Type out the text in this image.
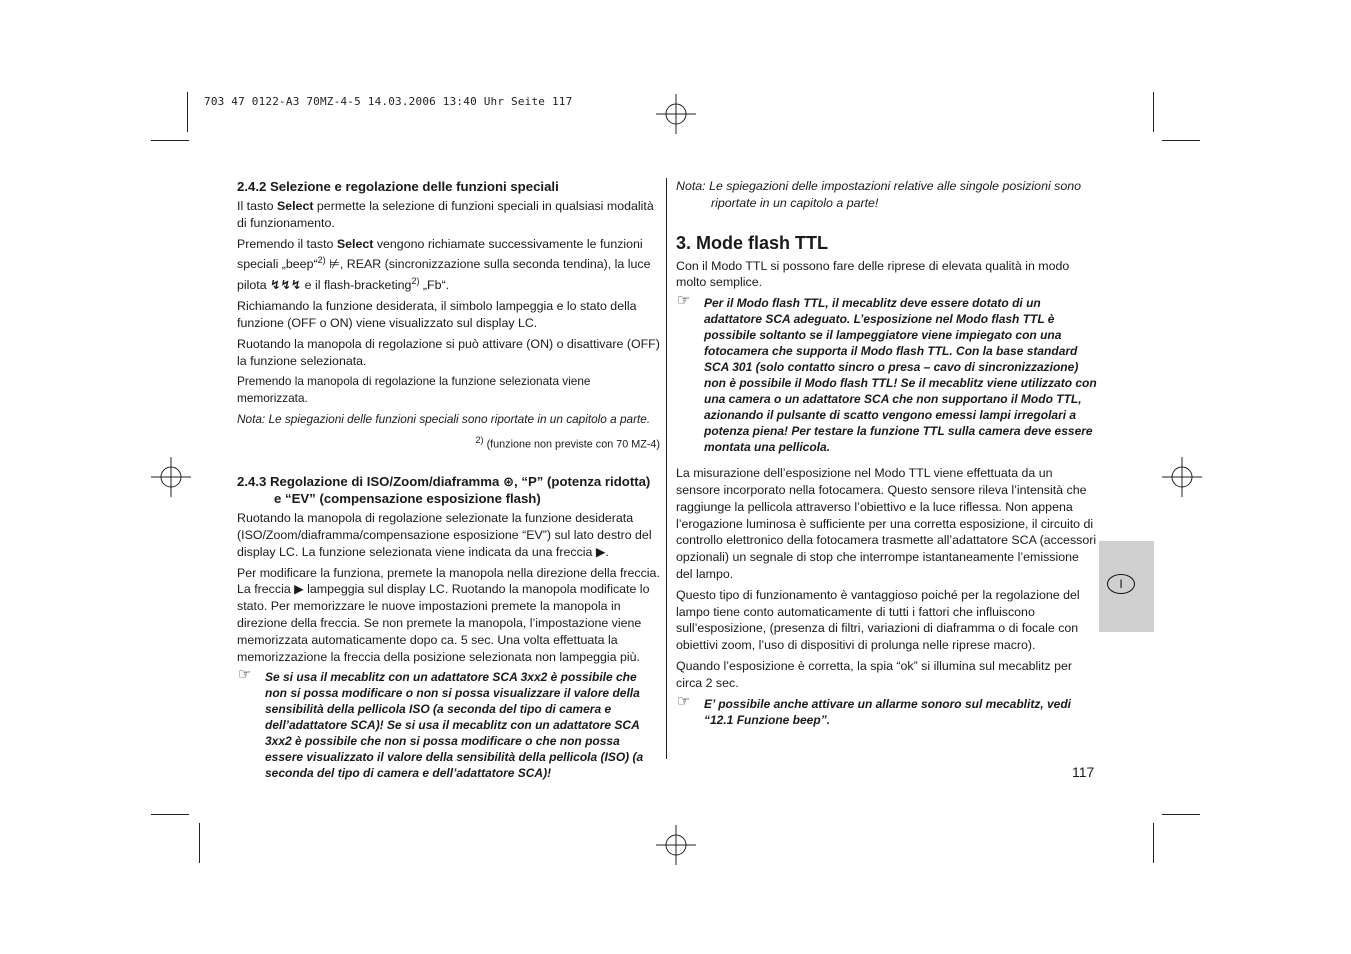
703 47 0122-A3 70MZ-4-5 14.03.2006 13:40 Uhr Seite 117
2.4.2 Selezione e regolazione delle funzioni speciali

Il tasto Select permette la selezione di funzioni speciali in qualsiasi modalità di funzionamento.

Premendo il tasto Select vengono richiamate successivamente le funzioni speciali „beep“$^{2)}$ ⊭, REAR (sincronizzazione sulla seconda tendina), la luce pilota ↯↯↯ e il flash-bracketing$^{2)}$ „Fb“.

Richiamando la funzione desiderata, il simbolo lampeggia e lo stato della funzione (OFF o ON) viene visualizzato sul display LC.

Ruotando la manopola di regolazione si può attivare (ON) o disattivare (OFF) la funzione selezionata.

Premendo la manopola di regolazione la funzione selezionata viene memorizzata.

Nota: Le spiegazioni delle funzioni speciali sono riportate in un capitolo a parte.

$^{2)}$ (funzione non previste con 70 MZ-4)

2.4.3 Regolazione di ISO/Zoom/diaframma ⊛, “P” (potenza ridotta) e “EV” (compensazione esposizione flash)

Ruotando la manopola di regolazione selezionate la funzione desiderata (ISO/Zoom/diaframma/compensazione esposizione “EV”) sul lato destro del display LC. La funzione selezionata viene indicata da una freccia ▶.

Per modificare la funziona, premete la manopola nella direzione della freccia. La freccia ▶ lampeggia sul display LC. Ruotando la manopola modificate lo stato. Per memorizzare le nuove impostazioni premete la manopola in direzione della freccia. Se non premete la manopola, l’impostazione viene memorizzata automaticamente dopo ca. 5 sec. Una volta effettuata la memorizzazione la freccia della posizione selezionata non lampeggia più.

☞ Se si usa il mecablitz con un adattatore SCA 3xx2 è possibile che non si possa modificare o non si possa visualizzare il valore della sensibilità della pellicola ISO (a seconda del tipo di camera e dell’adattatore SCA)! Se si usa il mecablitz con un adattatore SCA 3xx2 è possibile che non si possa modificare o che non possa essere visualizzato il valore della sensibilità della pellicola (ISO) (a seconda del tipo di camera e dell’adattatore SCA)!

Nota: Le spiegazioni delle impostazioni relative alle singole posizioni sono riportate in un capitolo a parte!

3. Mode flash TTL

Con il Modo TTL si possono fare delle riprese di elevata qualità in modo molto semplice.

☞ Per il Modo flash TTL, il mecablitz deve essere dotato di un adattatore SCA adeguato. L’esposizione nel Modo flash TTL è possibile soltanto se il lampeggiatore viene impiegato con una fotocamera che supporta il Modo flash TTL. Con la base standard SCA 301 (solo contatto sincro o presa – cavo di sincronizzazione) non è possibile il Modo flash TTL! Se il mecablitz viene utilizzato con una camera o un adattatore SCA che non supportano il Modo TTL, azionando il pulsante di scatto vengono emessi lampi irregolari a potenza piena! Per testare la funzione TTL sulla camera deve essere montata una pellicola.

La misurazione dell’esposizione nel Modo TTL viene effettuata da un sensore incorporato nella fotocamera. Questo sensore rileva l’intensità che raggiunge la pellicola attraverso l’obiettivo e la luce riflessa. Non appena l’erogazione luminosa è sufficiente per una corretta esposizione, il circuito di controllo elettronico della fotocamera trasmette all’adattatore SCA (accessori opzionali) un segnale di stop che interrompe istantaneamente l’emissione del lampo.

Questo tipo di funzionamento è vantaggioso poiché per la regolazione del lampo tiene conto automaticamente di tutti i fattori che influiscono sull’esposizione, (presenza di filtri, variazioni di diaframma o di focale con obiettivi zoom, l’uso di dispositivi di prolunga nelle riprese macro).

Quando l’esposizione è corretta, la spia “ok” si illumina sul mecablitz per circa 2 sec.

☞ E’ possibile anche attivare un allarme sonoro sul mecablitz, vedi “12.1 Funzione beep”.
I
117
